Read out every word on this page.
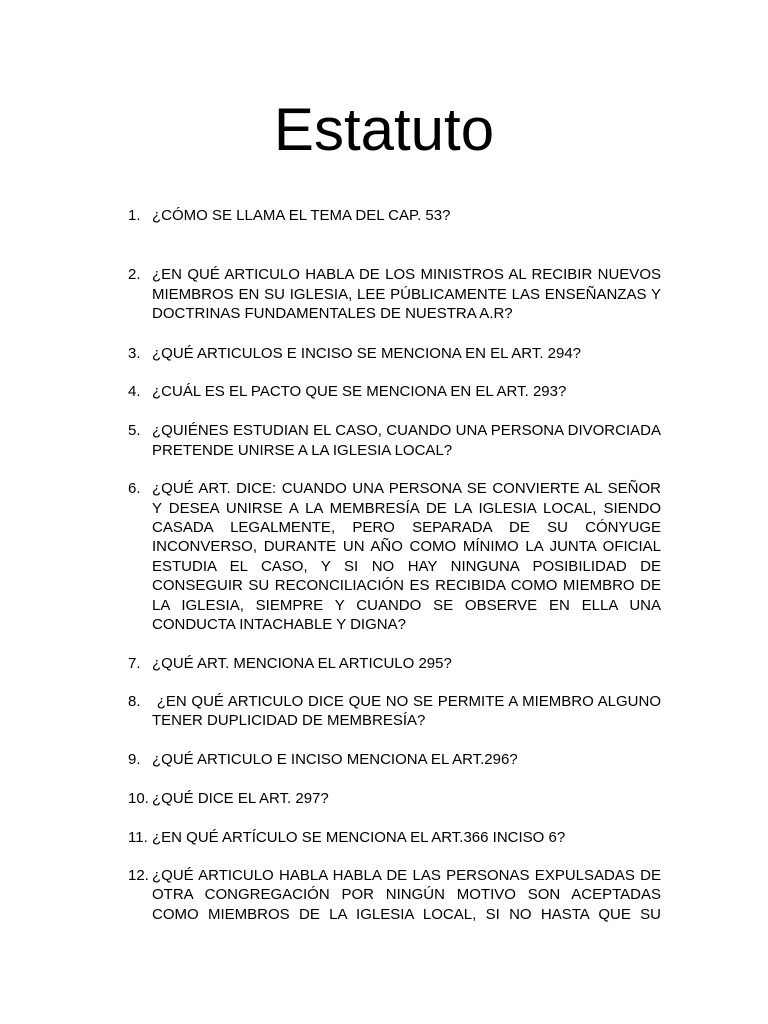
Estatuto
1. ¿CÓMO SE LLAMA EL TEMA DEL CAP. 53?
2. ¿EN QUÉ ARTICULO HABLA DE LOS MINISTROS AL RECIBIR NUEVOS MIEMBROS EN SU IGLESIA, LEE PÚBLICAMENTE LAS ENSEÑANZAS Y DOCTRINAS FUNDAMENTALES DE NUESTRA A.R?
3. ¿QUÉ ARTICULOS E INCISO SE MENCIONA EN EL ART. 294?
4. ¿CUÁL ES EL PACTO QUE SE MENCIONA EN EL ART. 293?
5. ¿QUIÉNES ESTUDIAN EL CASO, CUANDO UNA PERSONA DIVORCIADA PRETENDE UNIRSE A LA IGLESIA LOCAL?
6. ¿QUÉ ART. DICE: CUANDO UNA PERSONA SE CONVIERTE AL SEÑOR Y DESEA UNIRSE A LA MEMBRESÍA DE LA IGLESIA LOCAL, SIENDO CASADA LEGALMENTE, PERO SEPARADA DE SU CÓNYUGE INCONVERSO, DURANTE UN AÑO COMO MÍNIMO LA JUNTA OFICIAL ESTUDIA EL CASO, Y SI NO HAY NINGUNA POSIBILIDAD DE CONSEGUIR SU RECONCILIACIÓN ES RECIBIDA COMO MIEMBRO DE LA IGLESIA, SIEMPRE Y CUANDO SE OBSERVE EN ELLA UNA CONDUCTA INTACHABLE Y DIGNA?
7. ¿QUÉ ART. MENCIONA EL ARTICULO 295?
8. ¿EN QUÉ ARTICULO DICE QUE NO SE PERMITE A MIEMBRO ALGUNO TENER DUPLICIDAD DE MEMBRESÍA?
9. ¿QUÉ ARTICULO E INCISO MENCIONA EL ART.296?
10. ¿QUÉ DICE EL ART. 297?
11. ¿EN QUÉ ARTÍCULO SE MENCIONA EL ART.366 INCISO 6?
12. ¿QUÉ ARTICULO HABLA HABLA DE LAS PERSONAS EXPULSADAS DE OTRA CONGREGACIÓN POR NINGÚN MOTIVO SON ACEPTADAS COMO MIEMBROS DE LA IGLESIA LOCAL, SI NO HASTA QUE SU
